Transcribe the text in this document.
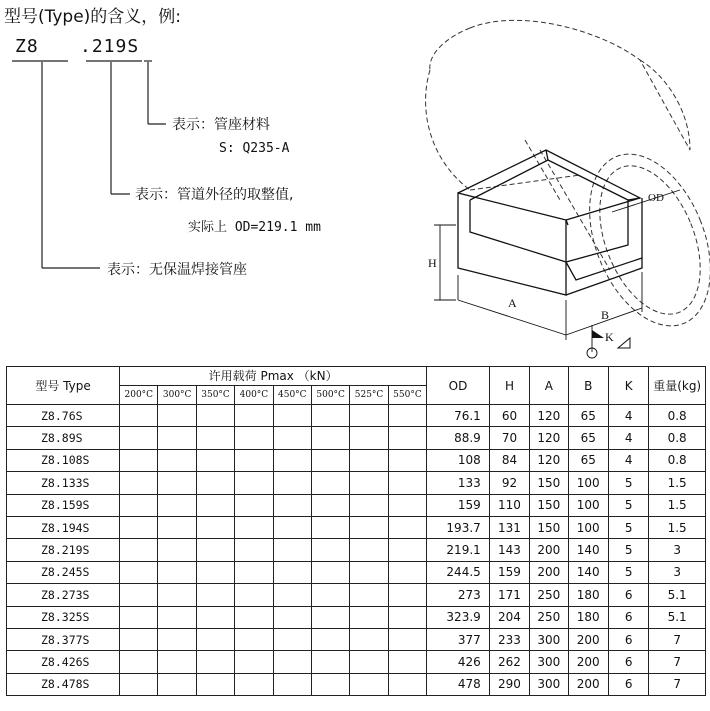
型号(Type)的含义，例:
Z8 .219S
表示：管座材料
S: Q235-A
表示：管道外径的取整值,
实际上 OD=219.1 mm
表示：无保温焊接管座
OD
H
A
B
K
型号 Type	许用载荷 Pmax （kN）								OD	H	A	B	K	重量(kg)
	200°C	300°C	350°C	400°C	450°C	500°C	525°C	550°C						
Z8.76S									76.1	60	120	65	4	0.8
Z8.89S									88.9	70	120	65	4	0.8
Z8.108S									108	84	120	65	4	0.8
Z8.133S									133	92	150	100	5	1.5
Z8.159S									159	110	150	100	5	1.5
Z8.194S									193.7	131	150	100	5	1.5
Z8.219S									219.1	143	200	140	5	3
Z8.245S									244.5	159	200	140	5	3
Z8.273S									273	171	250	180	6	5.1
Z8.325S									323.9	204	250	180	6	5.1
Z8.377S									377	233	300	200	6	7
Z8.426S									426	262	300	200	6	7
Z8.478S									478	290	300	200	6	7
